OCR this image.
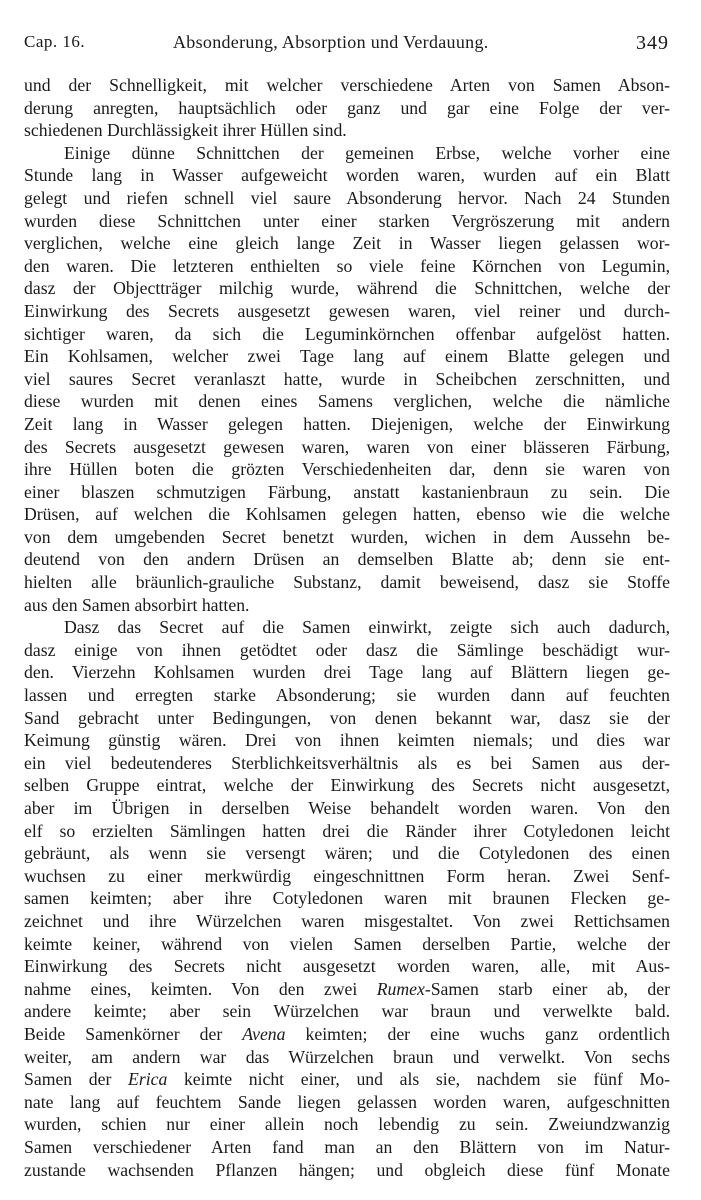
Cap. 16.	Absonderung, Absorption und Verdauung.	349
und der Schnelligkeit, mit welcher verschiedene Arten von Samen Abson-
derung anregten, hauptsächlich oder ganz und gar eine Folge der ver-
schiedenen Durchlässigkeit ihrer Hüllen sind.
Einige dünne Schnittchen der gemeinen Erbse, welche vorher eine
Stunde lang in Wasser aufgeweicht worden waren, wurden auf ein Blatt
gelegt und riefen schnell viel saure Absonderung hervor. Nach 24 Stunden
wurden diese Schnittchen unter einer starken Vergröszerung mit andern
verglichen, welche eine gleich lange Zeit in Wasser liegen gelassen wor-
den waren. Die letzteren enthielten so viele feine Körnchen von Legumin,
dasz der Objectträger milchig wurde, während die Schnittchen, welche der
Einwirkung des Secrets ausgesetzt gewesen waren, viel reiner und durch-
sichtiger waren, da sich die Leguminkörnchen offenbar aufgelöst hatten.
Ein Kohlsamen, welcher zwei Tage lang auf einem Blatte gelegen und
viel saures Secret veranlaszt hatte, wurde in Scheibchen zerschnitten, und
diese wurden mit denen eines Samens verglichen, welche die nämliche
Zeit lang in Wasser gelegen hatten. Diejenigen, welche der Einwirkung
des Secrets ausgesetzt gewesen waren, waren von einer blässeren Färbung,
ihre Hüllen boten die grözten Verschiedenheiten dar, denn sie waren von
einer blaszen schmutzigen Färbung, anstatt kastanienbraun zu sein. Die
Drüsen, auf welchen die Kohlsamen gelegen hatten, ebenso wie die welche
von dem umgebenden Secret benetzt wurden, wichen in dem Aussehn be-
deutend von den andern Drüsen an demselben Blatte ab; denn sie ent-
hielten alle bräunlich-grauliche Substanz, damit beweisend, dasz sie Stoffe
aus den Samen absorbirt hatten.
Dasz das Secret auf die Samen einwirkt, zeigte sich auch dadurch,
dasz einige von ihnen getödtet oder dasz die Sämlinge beschädigt wur-
den. Vierzehn Kohlsamen wurden drei Tage lang auf Blättern liegen ge-
lassen und erregten starke Absonderung; sie wurden dann auf feuchten
Sand gebracht unter Bedingungen, von denen bekannt war, dasz sie der
Keimung günstig wären. Drei von ihnen keimten niemals; und dies war
ein viel bedeutenderes Sterblichkeitsverhältnis als es bei Samen aus der-
selben Gruppe eintrat, welche der Einwirkung des Secrets nicht ausgesetzt,
aber im Übrigen in derselben Weise behandelt worden waren. Von den
elf so erzielten Sämlingen hatten drei die Ränder ihrer Cotyledonen leicht
gebräunt, als wenn sie versengt wären; und die Cotyledonen des einen
wuchsen zu einer merkwürdig eingeschnittnen Form heran. Zwei Senf-
samen keimten; aber ihre Cotyledonen waren mit braunen Flecken ge-
zeichnet und ihre Würzelchen waren misgestaltet. Von zwei Rettichsamen
keimte keiner, während von vielen Samen derselben Partie, welche der
Einwirkung des Secrets nicht ausgesetzt worden waren, alle, mit Aus-
nahme eines, keimten. Von den zwei Rumex-Samen starb einer ab, der
andere keimte; aber sein Würzelchen war braun und verwelkte bald.
Beide Samenkörner der Avena keimten; der eine wuchs ganz ordentlich
weiter, am andern war das Würzelchen braun und verwelkt. Von sechs
Samen der Erica keimte nicht einer, und als sie, nachdem sie fünf Mo-
nate lang auf feuchtem Sande liegen gelassen worden waren, aufgeschnitten
wurden, schien nur einer allein noch lebendig zu sein. Zweiundzwanzig
Samen verschiedener Arten fand man an den Blättern von im Natur-
zustande wachsenden Pflanzen hängen; und obgleich diese fünf Monate
